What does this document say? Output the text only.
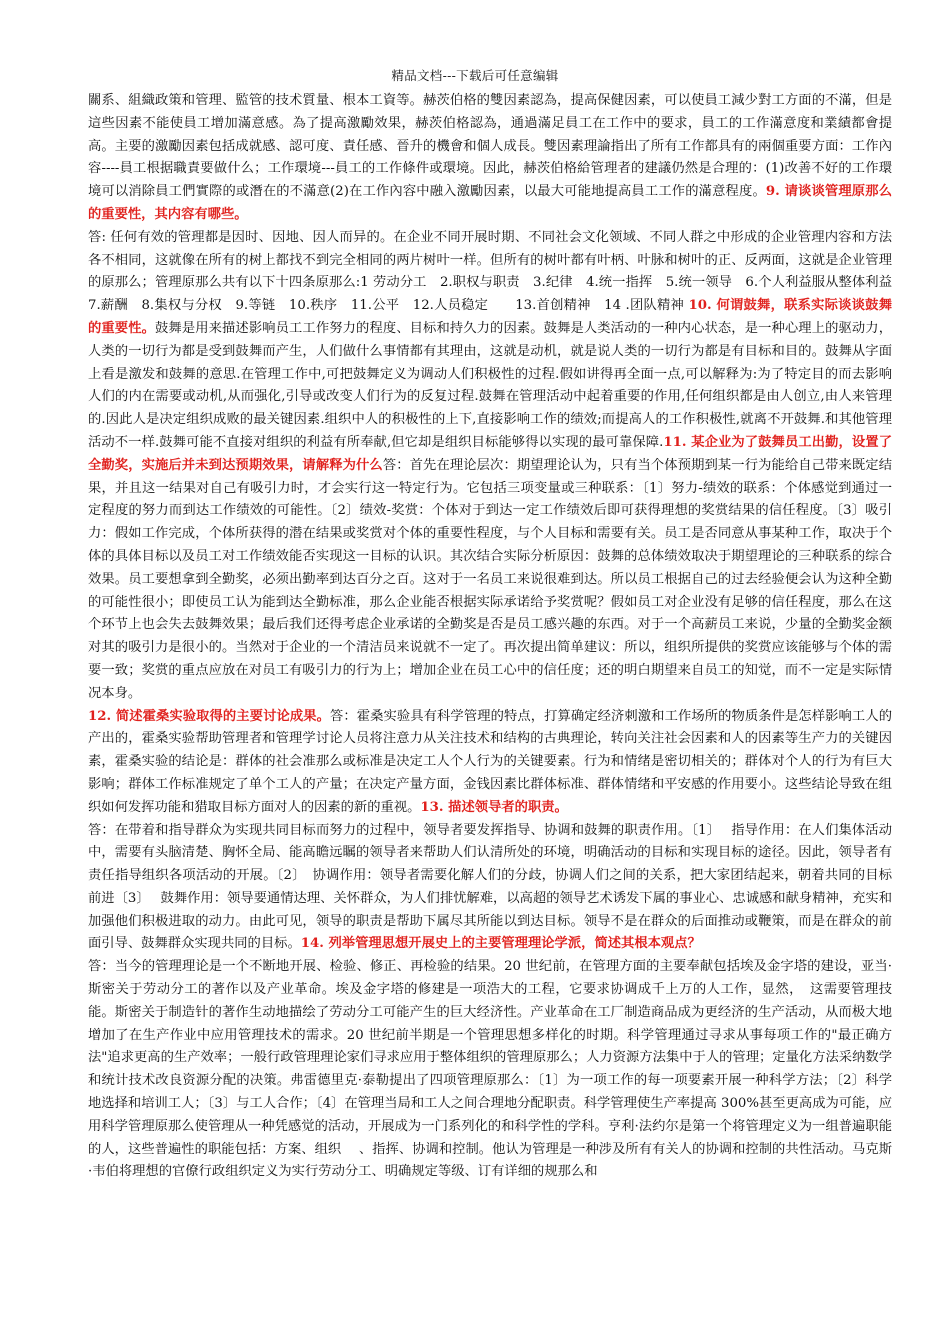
精品文档---下载后可任意编辑

關系、組織政策和管理、監管的技术質量、根本工資等。赫茨伯格的雙因素認為，提高保健因素，可以使員工減少對工方面的不滿，但是這些因素不能使員工增加滿意感。為了提高激勵效果，赫茨伯格認為，通過滿足員工在工作中的要求，員工的工作滿意度和業績都會提高。主要的激勵因素包括成就感、認可度、責任感、晉升的機會和個人成長。雙因素理論指出了所有工作都具有的兩個重要方面：工作內容----員工根据職責要做什么；工作環境---員工的工作條件或環境。因此，赫茨伯格給管理者的建議仍然是合理的：(1)改善不好的工作環境可以消除員工們實際的或潛在的不滿意(2)在工作內容中融入激勵因素，以最大可能地提高員工工作的滿意程度。9. 请谈谈管理原那么的重要性，其内容有哪些。

答: 任何有效的管理都是因时、因地、因人而异的。在企业不同开展时期、不同社会文化领域、不同人群之中形成的企业管理内容和方法各不相同，这就像在所有的树上都找不到完全相同的两片树叶一样。但所有的树叶都有叶柄、叶脉和树叶的正、反两面，这就是企业管理的原那么；管理原那么共有以下十四条原那么:1 劳动分工　2.职权与职责　3.纪律　4.统一指挥　5.统一领导　6.个人利益服从整体利益　7.薪酬　8.集权与分权　9.等链　10.秩序　11.公平　12.人员稳定　　13.首创精神　14 .团队精神 10. 何谓鼓舞，联系实际谈谈鼓舞的重要性。鼓舞是用来描述影响员工工作努力的程度、目标和持久力的因素。鼓舞是人类活动的一种内心状态，是一种心理上的驱动力，人类的一切行为都是受到鼓舞而产生，人们做什么事情都有其理由，这就是动机，就是说人类的一切行为都是有目标和目的。鼓舞从字面上看是激发和鼓舞的意思.在管理工作中,可把鼓舞定义为调动人们积极性的过程.假如讲得再全面一点,可以解释为:为了特定目的而去影响人们的内在需要或动机,从而强化,引导或改变人们行为的反复过程.鼓舞在管理活动中起着重要的作用,任何组织都是由人创立,由人来管理的.因此人是决定组织成败的最关键因素.组织中人的积极性的上下,直接影响工作的绩效;而提高人的工作积极性,就离不开鼓舞.和其他管理活动不一样.鼓舞可能不直接对组织的利益有所奉献,但它却是组织目标能够得以实现的最可靠保障.11. 某企业为了鼓舞员工出勤，设置了全勤奖，实施后并未到达预期效果，请解释为什么答：首先在理论层次：期望理论认为，只有当个体预期到某一行为能给自己带来既定结果，并且这一结果对自己有吸引力时，才会实行这一特定行为。它包括三项变量或三种联系：〔1〕努力-绩效的联系：个体感觉到通过一定程度的努力而到达工作绩效的可能性。〔2〕绩效-奖赏：个体对于到达一定工作绩效后即可获得理想的奖赏结果的信任程度。〔3〕吸引力：假如工作完成，个体所获得的潜在结果或奖赏对个体的重要性程度，与个人目标和需要有关。员工是否同意从事某种工作，取决于个体的具体目标以及员工对工作绩效能否实现这一目标的认识。其次结合实际分析原因：鼓舞的总体绩效取决于期望理论的三种联系的综合效果。员工要想拿到全勤奖，必须出勤率到达百分之百。这对于一名员工来说很难到达。所以员工根据自己的过去经验便会认为这种全勤的可能性很小；即使员工认为能到达全勤标准，那么企业能否根据实际承诺给予奖赏呢？假如员工对企业没有足够的信任程度，那么在这个环节上也会失去鼓舞效果；最后我们还得考虑企业承诺的全勤奖是否是员工感兴趣的东西。对于一个高薪员工来说，少量的全勤奖金额对其的吸引力是很小的。当然对于企业的一个清洁员来说就不一定了。再次提出简单建议：所以，组织所提供的奖赏应该能够与个体的需要一致；奖赏的重点应放在对员工有吸引力的行为上；增加企业在员工心中的信任度；还的明白期望来自员工的知觉，而不一定是实际情况本身。

12. 简述霍桑实验取得的主要讨论成果。答：霍桑实验具有科学管理的特点，打算确定经济刺激和工作场所的物质条件是怎样影响工人的产出的，霍桑实验帮助管理者和管理学讨论人员将注意力从关注技术和结构的古典理论，转向关注社会因素和人的因素等生产力的关键因素，霍桑实验的结论是：群体的社会准那么或标准是决定工人个人行为的关键要素。行为和情绪是密切相关的；群体对个人的行为有巨大影响；群体工作标准规定了单个工人的产量；在决定产量方面，金钱因素比群体标准、群体情绪和平安感的作用要小。这些结论导致在组织如何发挥功能和猎取目标方面对人的因素的新的重视。13. 描述领导者的职责。

答：在带着和指导群众为实现共同目标而努力的过程中，领导者要发挥指导、协调和鼓舞的职责作用。〔1〕　 指导作用：在人们集体活动中，需要有头脑清楚、胸怀全局、能高瞻远瞩的领导者来帮助人们认清所处的环境，明确活动的目标和实现目标的途径。因此，领导者有责任指导组织各项活动的开展。〔2〕　协调作用：领导者需要化解人们的分歧，协调人们之间的关系，把大家团结起来，朝着共同的目标前进〔3〕　 鼓舞作用：领导要通情达理、关怀群众，为人们排忧解难，以高超的领导艺术诱发下属的事业心、忠诚感和献身精神，充实和加强他们积极进取的动力。由此可见，领导的职责是帮助下属尽其所能以到达目标。领导不是在群众的后面推动或鞭策，而是在群众的前面引导、鼓舞群众实现共同的目标。14. 列举管理思想开展史上的主要管理理论学派，简述其根本观点？

答：当今的管理理论是一个不断地开展、检验、修正、再检验的结果。20 世纪前，在管理方面的主要奉献包括埃及金字塔的建设，亚当·斯密关于劳动分工的著作以及产业革命。埃及金字塔的修建是一项浩大的工程，它要求协调成千上万的人工作，显然，　这需要管理技能。斯密关于制造针的著作生动地描绘了劳动分工可能产生的巨大经济性。产业革命在工厂制造商品成为更经济的生产活动，从而极大地增加了在生产作业中应用管理技术的需求。20 世纪前半期是一个管理思想多样化的时期。科学管理通过寻求从事每项工作的"最正确方法"追求更高的生产效率；一般行政管理理论家们寻求应用于整体组织的管理原那么；人力资源方法集中于人的管理；定量化方法采纳数学和统计技术改良资源分配的决策。弗雷德里克·泰勒提出了四项管理原那么：〔1〕为一项工作的每一项要素开展一种科学方法；〔2〕科学地选择和培训工人；〔3〕与工人合作；〔4〕在管理当局和工人之间合理地分配职责。科学管理使生产率提高 300%甚至更高成为可能，应用科学管理原那么使管理从一种凭感觉的活动，开展成为一门系列化的和科学性的学科。亨利·法约尔是第一个将管理定义为一组普遍职能的人，这些普遍性的职能包括：方案、组织　 、指挥、协调和控制。他认为管理是一种涉及所有有关人的协调和控制的共性活动。马克斯·韦伯将理想的官僚行政组织定义为实行劳动分工、明确规定等级、订有详细的规那么和
